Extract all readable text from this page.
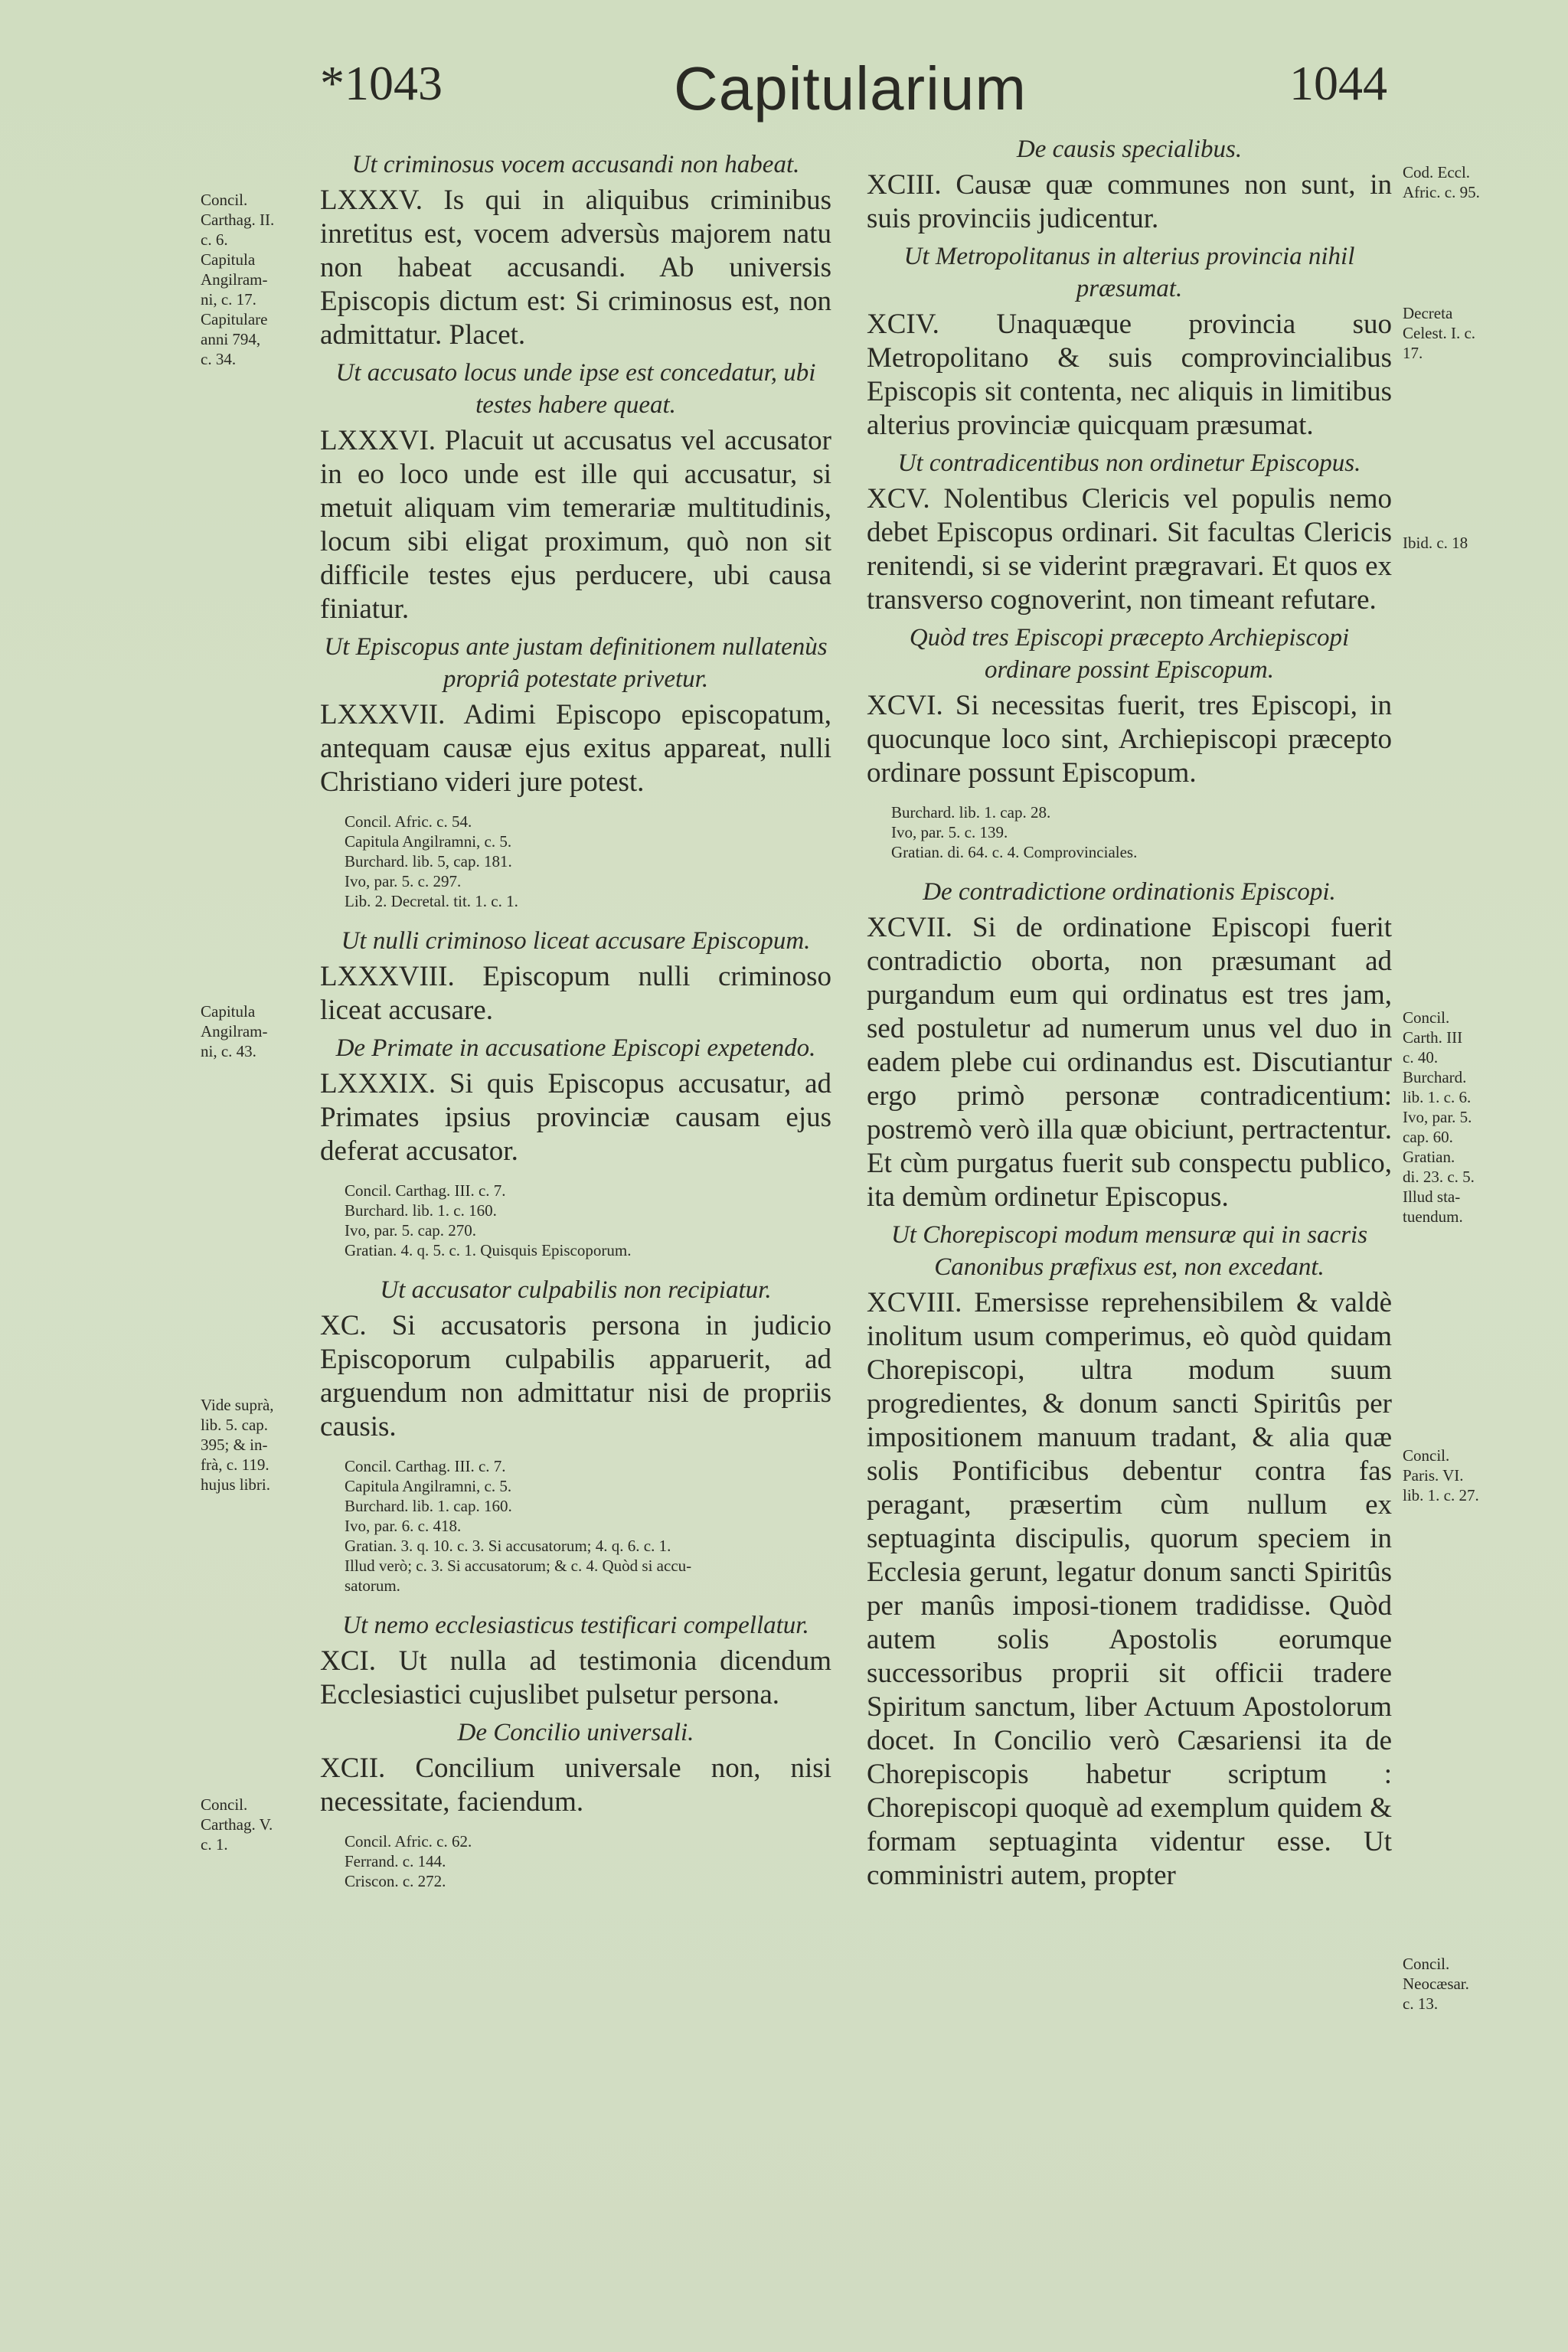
*1043	Capitularium	1044
Concil.
Carthag. II.
c. 6.
Capitula
Angilram-
ni, c. 17.
Capitulare
anni 794,
c. 34.
Capitula
Angilram-
ni, c. 43.
Vide suprà,
lib. 5. cap.
395; & in-
frà, c. 119.
hujus libri.
Concil.
Carthag. V.
c. 1.
Cod. Eccl.
Afric. c. 95.
Decreta
Celest. I. c.
17.
Ibid. c. 18
Concil.
Carth. III
c. 40.
Burchard.
lib. 1. c. 6.
Ivo, par. 5.
cap. 60.
Gratian.
di. 23. c. 5.
Illud sta-
tuendum.
Concil.
Paris. VI.
lib. 1. c. 27.
Concil.
Neocæsar.
c. 13.
Ut criminosus vocem accusandi non habeat.
LXXXV. Is qui in aliquibus criminibus inretitus est, vocem adversùs majorem natu non habeat accusandi. Ab universis Episcopis dictum est: Si criminosus est, non admittatur. Placet.
Ut accusato locus unde ipse est concedatur, ubi testes habere queat.
LXXXVI. Placuit ut accusatus vel accusator in eo loco unde est ille qui accusatur, si metuit aliquam vim temerariæ multitudinis, locum sibi eligat proximum, quò non sit difficile testes ejus perducere, ubi causa finiatur.
Ut Episcopus ante justam definitionem nullatenùs propriâ potestate privetur.
LXXXVII. Adimi Episcopo episcopatum, antequam causæ ejus exitus appareat, nulli Christiano videri jure potest.
Concil. Afric. c. 54.
Capitula Angilramni, c. 5.
Burchard. lib. 5, cap. 181.
Ivo, par. 5. c. 297.
Lib. 2. Decretal. tit. 1. c. 1.
Ut nulli criminoso liceat accusare Episcopum.
LXXXVIII. Episcopum nulli criminoso liceat accusare.
De Primate in accusatione Episcopi expetendo.
LXXXIX. Si quis Episcopus accusatur, ad Primates ipsius provinciæ causam ejus deferat accusator.
Concil. Carthag. III. c. 7.
Burchard. lib. 1. c. 160.
Ivo, par. 5. cap. 270.
Gratian. 4. q. 5. c. 1. Quisquis Episcoporum.
Ut accusator culpabilis non recipiatur.
XC. Si accusatoris persona in judicio Episcoporum culpabilis apparuerit, ad arguendum non admittatur nisi de propriis causis.
Concil. Carthag. III. c. 7.
Capitula Angilramni, c. 5.
Burchard. lib. 1. cap. 160.
Ivo, par. 6. c. 418.
Gratian. 3. q. 10. c. 3. Si accusatorum; 4. q. 6. c. 1.
Illud verò; c. 3. Si accusatorum; & c. 4. Quòd si accu-
satorum.
Ut nemo ecclesiasticus testificari compellatur.
XCI. Ut nulla ad testimonia dicendum Ecclesiastici cujuslibet pulsetur persona.
De Concilio universali.
XCII. Concilium universale non, nisi necessitate, faciendum.
Concil. Afric. c. 62.
Ferrand. c. 144.
Criscon. c. 272.
De causis specialibus.
XCIII. Causæ quæ communes non sunt, in suis provinciis judicentur.
Ut Metropolitanus in alterius provincia nihil præsumat.
XCIV. Unaquæque provincia suo Metropolitano & suis comprovincialibus Episcopis sit contenta, nec aliquis in limitibus alterius provinciæ quicquam præsumat.
Ut contradicentibus non ordinetur Episcopus.
XCV. Nolentibus Clericis vel populis nemo debet Episcopus ordinari. Sit facultas Clericis renitendi, si se viderint prægravari. Et quos ex transverso cognoverint, non timeant refutare.
Quòd tres Episcopi præcepto Archiepiscopi ordinare possint Episcopum.
XCVI. Si necessitas fuerit, tres Episcopi, in quocunque loco sint, Archiepiscopi præcepto ordinare possunt Episcopum.
Burchard. lib. 1. cap. 28.
Ivo, par. 5. c. 139.
Gratian. di. 64. c. 4. Comprovinciales.
De contradictione ordinationis Episcopi.
XCVII. Si de ordinatione Episcopi fuerit contradictio oborta, non præsumant ad purgandum eum qui ordinatus est tres jam, sed postuletur ad numerum unus vel duo in eadem plebe cui ordinandus est. Discutiantur ergo primò personæ contradicentium: postremò verò illa quæ obiciunt, pertractentur. Et cùm purgatus fuerit sub conspectu publico, ita demùm ordinetur Episcopus.
Ut Chorepiscopi modum mensuræ qui in sacris Canonibus præfixus est, non excedant.
XCVIII. Emersisse reprehensibilem & valdè inolitum usum comperimus, eò quòd quidam Chorepiscopi, ultra modum suum progredientes, & donum sancti Spiritûs per impositionem manuum tradant, & alia quæ solis Pontificibus debentur contra fas peragant, præsertim cùm nullum ex septuaginta discipulis, quorum speciem in Ecclesia gerunt, legatur donum sancti Spiritûs per manûs imposi-tionem tradidisse. Quòd autem solis Apostolis eorumque successoribus proprii sit officii tradere Spiritum sanctum, liber Actuum Apostolorum docet. In Concilio verò Cæsariensi ita de Chorepiscopis habetur scriptum : Chorepiscopi quoquè ad exemplum quidem & formam septuaginta videntur esse. Ut comministri autem, propter
